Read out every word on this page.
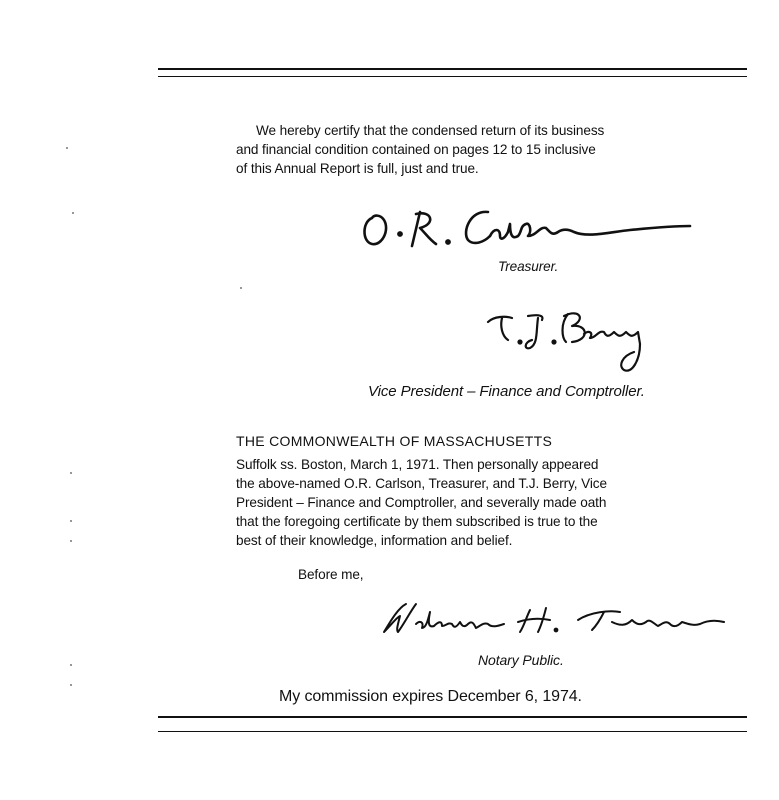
We hereby certify that the condensed return of its business
and financial condition contained on pages 12 to 15 inclusive
of this Annual Report is full, just and true.
Treasurer.
Vice President – Finance and Comptroller.
THE COMMONWEALTH OF MASSACHUSETTS
Suffolk ss. Boston, March 1, 1971. Then personally appeared
the above-named O.R. Carlson, Treasurer, and T.J. Berry, Vice
President – Finance and Comptroller, and severally made oath
that the foregoing certificate by them subscribed is true to the
best of their knowledge, information and belief.
Before me,
Notary Public.
My commission expires December 6, 1974.
